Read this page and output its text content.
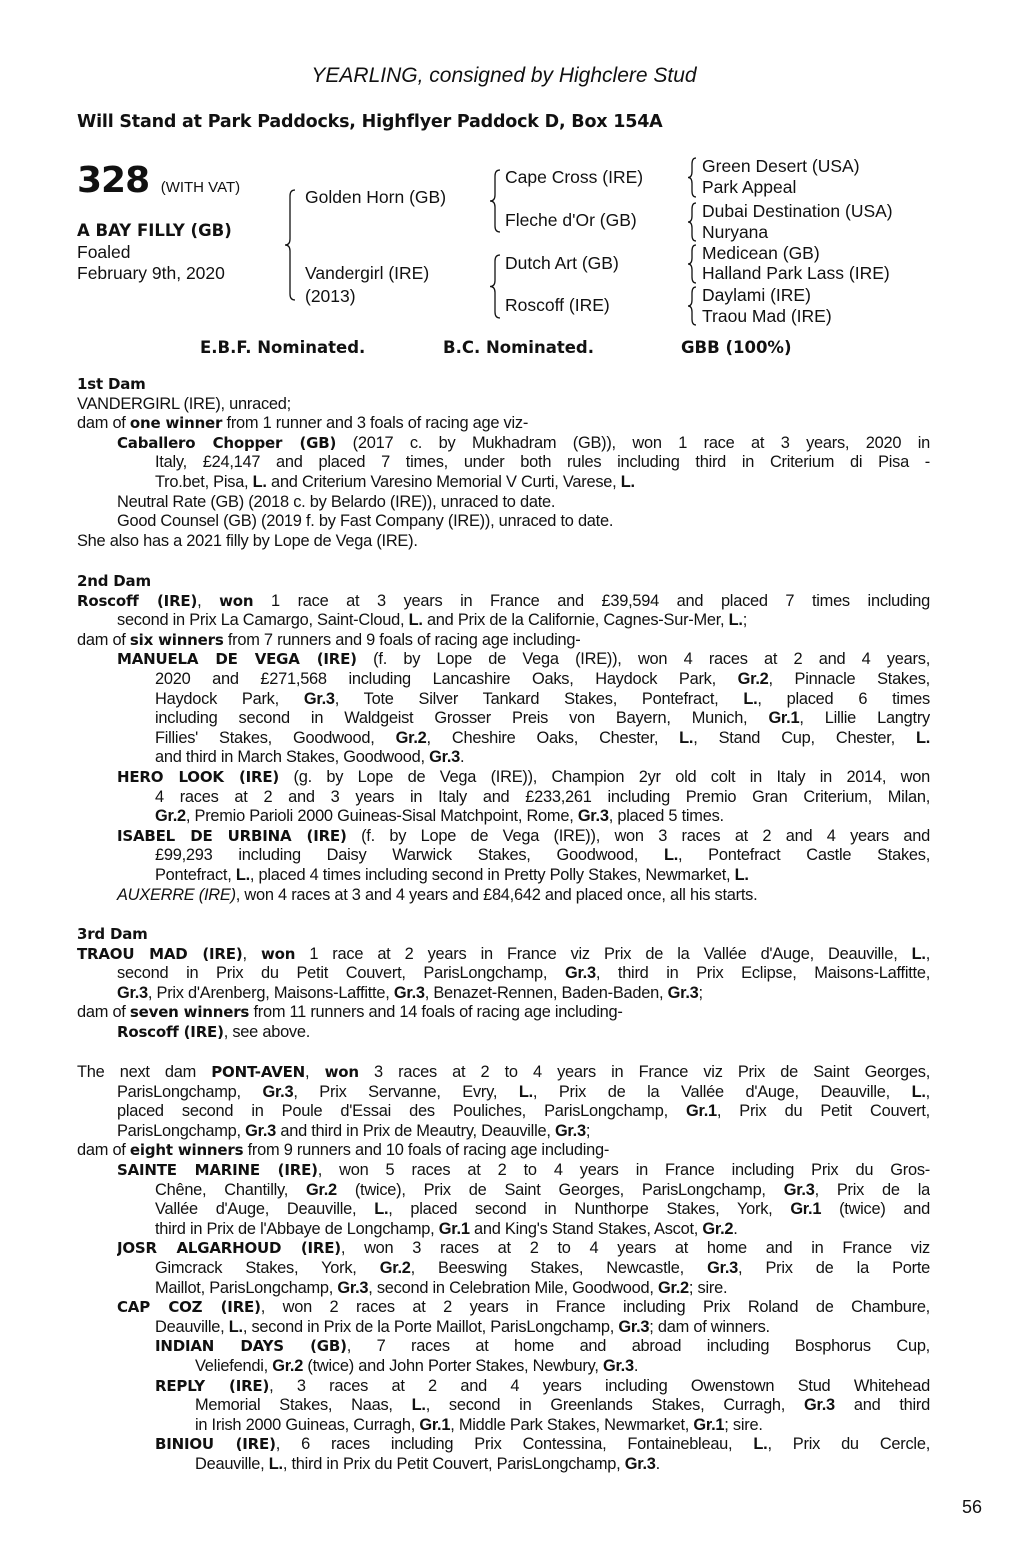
YEARLING, consigned by Highclere Stud
Will Stand at Park Paddocks, Highflyer Paddock D, Box 154A
328 (WITH VAT)
A BAY FILLY (GB)
Foaled
February 9th, 2020
Golden Horn (GB)
Vandergirl (IRE)
(2013)
Cape Cross (IRE)
Fleche d'Or (GB)
Dutch Art (GB)
Roscoff (IRE)
Green Desert (USA)
Park Appeal
Dubai Destination (USA)
Nuryana
Medicean (GB)
Halland Park Lass (IRE)
Daylami (IRE)
Traou Mad (IRE)
E.B.F. Nominated.	B.C. Nominated.	GBB (100%)
1st Dam
VANDERGIRL (IRE), unraced;
dam of one winner from 1 runner and 3 foals of racing age viz-
Caballero Chopper (GB) (2017 c. by Mukhadram (GB)), won 1 race at 3 years, 2020 in
Italy, £24,147 and placed 7 times, under both rules including third in Criterium di Pisa -
Tro.bet, Pisa, L. and Criterium Varesino Memorial V Curti, Varese, L.
Neutral Rate (GB) (2018 c. by Belardo (IRE)), unraced to date.
Good Counsel (GB) (2019 f. by Fast Company (IRE)), unraced to date.
She also has a 2021 filly by Lope de Vega (IRE).
2nd Dam
Roscoff (IRE), won 1 race at 3 years in France and £39,594 and placed 7 times including
second in Prix La Camargo, Saint-Cloud, L. and Prix de la Californie, Cagnes-Sur-Mer, L.;
dam of six winners from 7 runners and 9 foals of racing age including-
MANUELA DE VEGA (IRE) (f. by Lope de Vega (IRE)), won 4 races at 2 and 4 years,
2020 and £271,568 including Lancashire Oaks, Haydock Park, Gr.2, Pinnacle Stakes,
Haydock Park, Gr.3, Tote Silver Tankard Stakes, Pontefract, L., placed 6 times
including second in Waldgeist Grosser Preis von Bayern, Munich, Gr.1, Lillie Langtry
Fillies' Stakes, Goodwood, Gr.2, Cheshire Oaks, Chester, L., Stand Cup, Chester, L.
and third in March Stakes, Goodwood, Gr.3.
HERO LOOK (IRE) (g. by Lope de Vega (IRE)), Champion 2yr old colt in Italy in 2014, won
4 races at 2 and 3 years in Italy and £233,261 including Premio Gran Criterium, Milan,
Gr.2, Premio Parioli 2000 Guineas-Sisal Matchpoint, Rome, Gr.3, placed 5 times.
ISABEL DE URBINA (IRE) (f. by Lope de Vega (IRE)), won 3 races at 2 and 4 years and
£99,293 including Daisy Warwick Stakes, Goodwood, L., Pontefract Castle Stakes,
Pontefract, L., placed 4 times including second in Pretty Polly Stakes, Newmarket, L.
AUXERRE (IRE), won 4 races at 3 and 4 years and £84,642 and placed once, all his starts.
3rd Dam
TRAOU MAD (IRE), won 1 race at 2 years in France viz Prix de la Vallée d'Auge, Deauville, L.,
second in Prix du Petit Couvert, ParisLongchamp, Gr.3, third in Prix Eclipse, Maisons-Laffitte,
Gr.3, Prix d'Arenberg, Maisons-Laffitte, Gr.3, Benazet-Rennen, Baden-Baden, Gr.3;
dam of seven winners from 11 runners and 14 foals of racing age including-
Roscoff (IRE), see above.
The next dam PONT-AVEN, won 3 races at 2 to 4 years in France viz Prix de Saint Georges,
ParisLongchamp, Gr.3, Prix Servanne, Evry, L., Prix de la Vallée d'Auge, Deauville, L.,
placed second in Poule d'Essai des Pouliches, ParisLongchamp, Gr.1, Prix du Petit Couvert,
ParisLongchamp, Gr.3 and third in Prix de Meautry, Deauville, Gr.3;
dam of eight winners from 9 runners and 10 foals of racing age including-
SAINTE MARINE (IRE), won 5 races at 2 to 4 years in France including Prix du Gros-
Chêne, Chantilly, Gr.2 (twice), Prix de Saint Georges, ParisLongchamp, Gr.3, Prix de la
Vallée d'Auge, Deauville, L., placed second in Nunthorpe Stakes, York, Gr.1 (twice) and
third in Prix de l'Abbaye de Longchamp, Gr.1 and King's Stand Stakes, Ascot, Gr.2.
JOSR ALGARHOUD (IRE), won 3 races at 2 to 4 years at home and in France viz
Gimcrack Stakes, York, Gr.2, Beeswing Stakes, Newcastle, Gr.3, Prix de la Porte
Maillot, ParisLongchamp, Gr.3, second in Celebration Mile, Goodwood, Gr.2; sire.
CAP COZ (IRE), won 2 races at 2 years in France including Prix Roland de Chambure,
Deauville, L., second in Prix de la Porte Maillot, ParisLongchamp, Gr.3; dam of winners.
INDIAN DAYS (GB), 7 races at home and abroad including Bosphorus Cup,
Veliefendi, Gr.2 (twice) and John Porter Stakes, Newbury, Gr.3.
REPLY (IRE), 3 races at 2 and 4 years including Owenstown Stud Whitehead
Memorial Stakes, Naas, L., second in Greenlands Stakes, Curragh, Gr.3 and third
in Irish 2000 Guineas, Curragh, Gr.1, Middle Park Stakes, Newmarket, Gr.1; sire.
BINIOU (IRE), 6 races including Prix Contessina, Fontainebleau, L., Prix du Cercle,
Deauville, L., third in Prix du Petit Couvert, ParisLongchamp, Gr.3.
56
